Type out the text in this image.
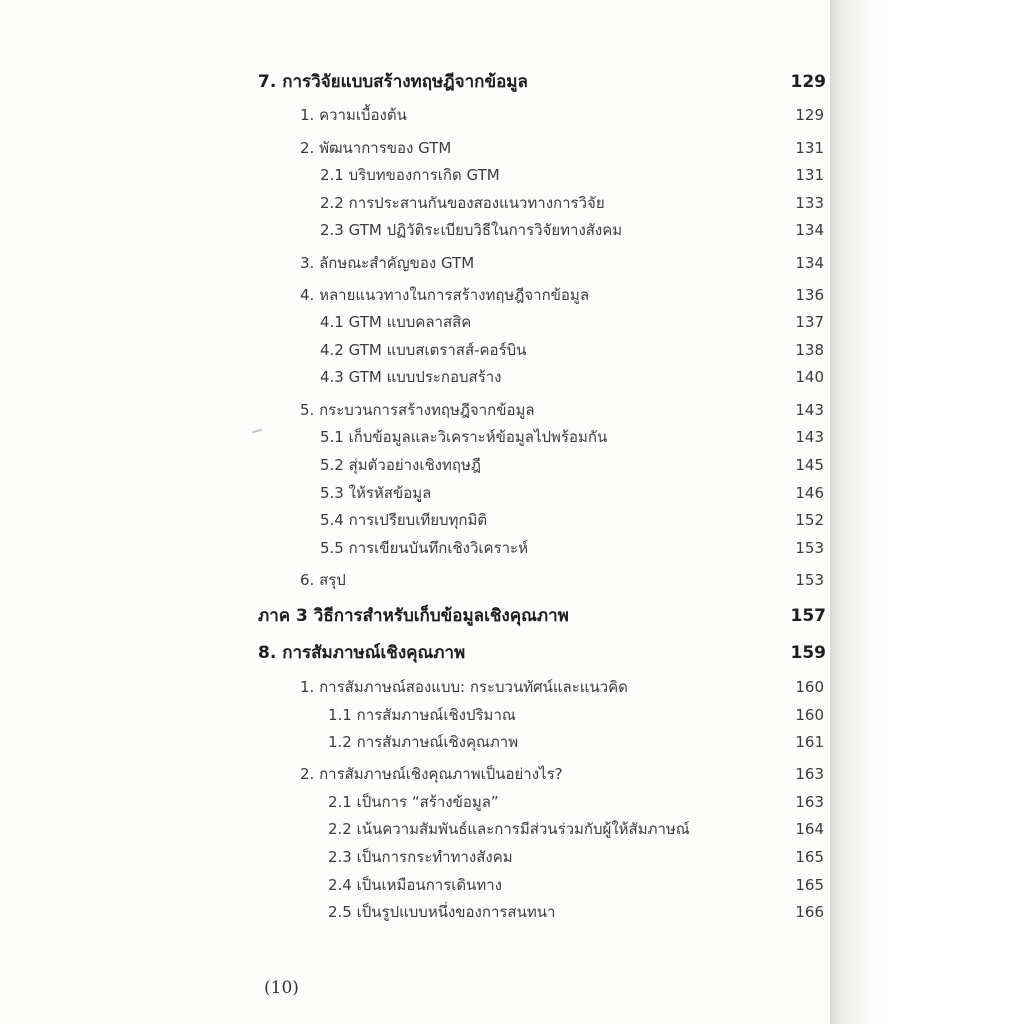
7. การวิจัยแบบสร้างทฤษฎีจากข้อมูล	129
1. ความเบื้องต้น	129
2. พัฒนาการของ GTM	131
2.1 บริบทของการเกิด GTM	131
2.2 การประสานกันของสองแนวทางการวิจัย	133
2.3 GTM ปฏิวัติระเบียบวิธีในการวิจัยทางสังคม	134
3. ลักษณะสำคัญของ GTM	134
4. หลายแนวทางในการสร้างทฤษฎีจากข้อมูล	136
4.1 GTM แบบคลาสสิค	137
4.2 GTM แบบสเตราสส์-คอร์บิน	138
4.3 GTM แบบประกอบสร้าง	140
5. กระบวนการสร้างทฤษฎีจากข้อมูล	143
5.1 เก็บข้อมูลและวิเคราะห์ข้อมูลไปพร้อมกัน	143
5.2 สุ่มตัวอย่างเชิงทฤษฎี	145
5.3 ให้รหัสข้อมูล	146
5.4 การเปรียบเทียบทุกมิติ	152
5.5 การเขียนบันทึกเชิงวิเคราะห์	153
6. สรุป	153
ภาค 3 วิธีการสำหรับเก็บข้อมูลเชิงคุณภาพ	157
8. การสัมภาษณ์เชิงคุณภาพ	159
1. การสัมภาษณ์สองแบบ: กระบวนทัศน์และแนวคิด	160
1.1 การสัมภาษณ์เชิงปริมาณ	160
1.2 การสัมภาษณ์เชิงคุณภาพ	161
2. การสัมภาษณ์เชิงคุณภาพเป็นอย่างไร?	163
2.1 เป็นการ “สร้างข้อมูล”	163
2.2 เน้นความสัมพันธ์และการมีส่วนร่วมกับผู้ให้สัมภาษณ์	164
2.3 เป็นการกระทำทางสังคม	165
2.4 เป็นเหมือนการเดินทาง	165
2.5 เป็นรูปแบบหนึ่งของการสนทนา	166
(10)
